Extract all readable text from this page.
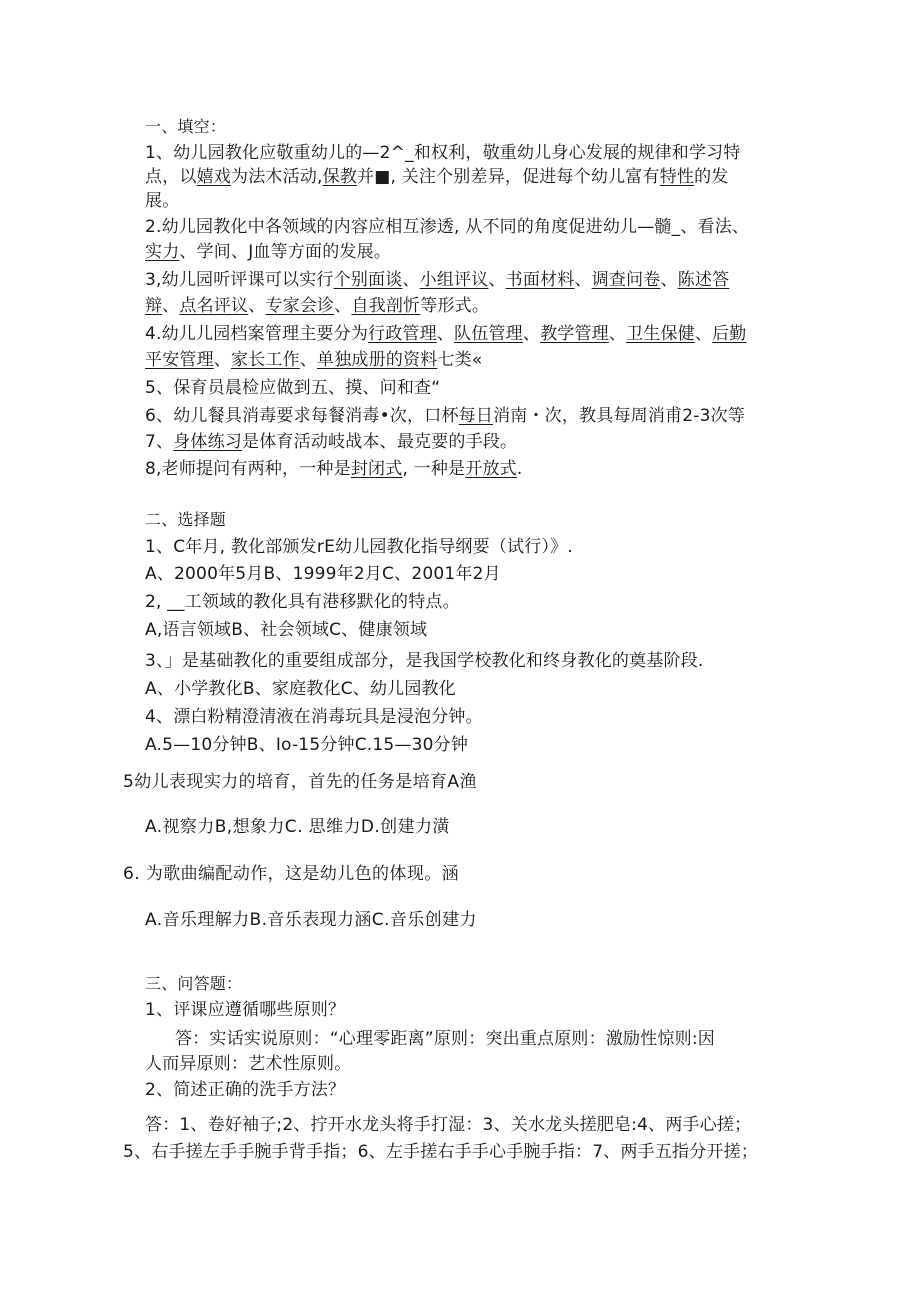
一、填空：
1、幼儿园教化应敬重幼儿的—2^_和权利，敬重幼儿身心发展的规律和学习特
点，以嬉戏为法木活动,保教并■, 关注个别差异，促进每个幼儿富有特性的发
展。
2.幼儿园教化中各领域的内容应相互渗透, 从不同的角度促进幼儿—髓_、看法、
实力、学间、J血等方面的发展。
3,幼儿园听评课可以实行个别面谈、小组评议、书面材料、调查问卷、陈述答
辩、点名评议、专家会诊、自我剖忻等形式。
4.幼儿儿园档案管理主要分为行政管理、队伍管理、教学管理、卫生保健、后勤
平安管理、家长工作、单独成册的资料七类«
5、保育员晨检应做到五、摸、问和查“
6、幼儿餐具消毒要求每餐消毒•次，口杯每日消南・次，教具每周消甫2-3次等
7、身体练习是体育活动岐战本、最克要的手段。
8,老师提问有两种，一种是封闭式, 一种是开放式.
二、选择题
1、C年月, 教化部颁发rE幼儿园教化指导纲要（试行）》.
A、2000年5月B、1999年2月C、2001年2月
2, __工领域的教化具有港移默化的特点。
A,语言领域B、社会领域C、健康领域
3、」是基础教化的重要组成部分，是我国学校教化和终身教化的奠基阶段.
A、小学教化B、家庭教化C、幼儿园教化
4、漂白粉精澄清液在消毒玩具是浸泡分钟。
A.5—10分钟B、Io-15分钟C.15—30分钟
5幼儿表现实力的培育，首先的任务是培育A渔
A.视察力B,想象力C. 思维力D.创建力潢
6. 为歌曲编配动作，这是幼儿色的体现。涵
A.音乐理解力B.音乐表现力涵C.音乐创建力
三、问答题：
1、评课应遵循哪些原则？
答：实话实说原则：“心理零距离”原则：突出重点原则：激励性惊则:因
人而异原则：艺术性原则。
2、简述正确的洗手方法？
答：1、卷好袖子;2、拧开水龙头将手打湿：3、关水龙头搓肥皂:4、两手心搓；
5、右手搓左手手腕手背手指；6、左手搓右手手心手腕手指：7、两手五指分开搓；
